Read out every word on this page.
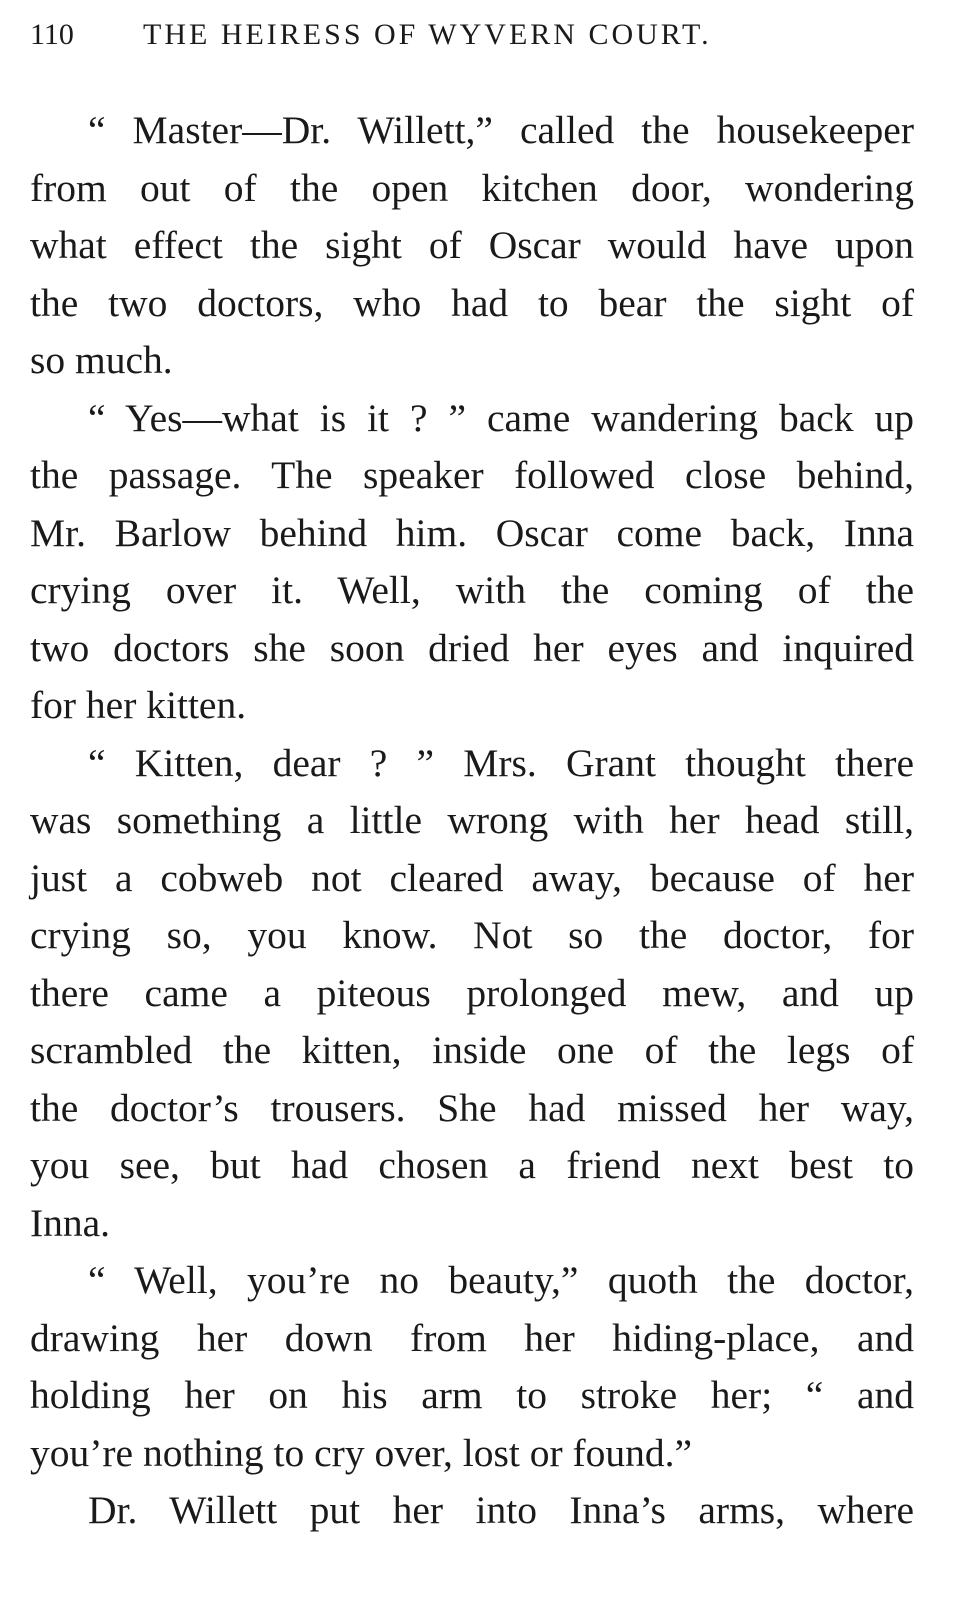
110 THE HEIRESS OF WYVERN COURT.
“ Master—Dr. Willett,” called the housekeeper
from out of the open kitchen door, wondering
what effect the sight of Oscar would have upon
the two doctors, who had to bear the sight of
so much.
“ Yes—what is it ? ” came wandering back up
the passage. The speaker followed close behind,
Mr. Barlow behind him. Oscar come back, Inna
crying over it. Well, with the coming of the
two doctors she soon dried her eyes and inquired
for her kitten.
“ Kitten, dear ? ” Mrs. Grant thought there
was something a little wrong with her head still,
just a cobweb not cleared away, because of her
crying so, you know. Not so the doctor, for
there came a piteous prolonged mew, and up
scrambled the kitten, inside one of the legs of
the doctor’s trousers. She had missed her way,
you see, but had chosen a friend next best to
Inna.
“ Well, you’re no beauty,” quoth the doctor,
drawing her down from her hiding-place, and
holding her on his arm to stroke her; “ and
you’re nothing to cry over, lost or found.”
Dr. Willett put her into Inna’s arms, where
